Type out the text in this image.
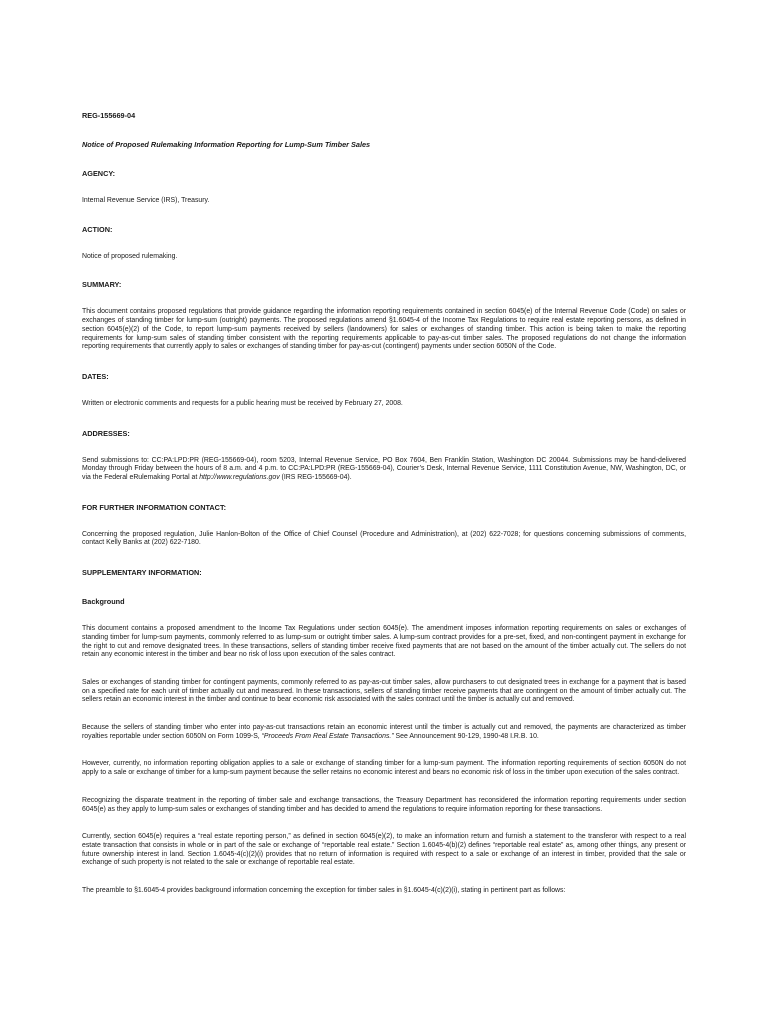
REG-155669-04

Notice of Proposed Rulemaking Information Reporting for Lump-Sum Timber Sales

AGENCY:

Internal Revenue Service (IRS), Treasury.

ACTION:

Notice of proposed rulemaking.

SUMMARY:

This document contains proposed regulations that provide guidance regarding the information reporting requirements contained in section 6045(e) of the Internal Revenue Code (Code) on sales or exchanges of standing timber for lump-sum (outright) payments. The proposed regulations amend §1.6045-4 of the Income Tax Regulations to require real estate reporting persons, as defined in section 6045(e)(2) of the Code, to report lump-sum payments received by sellers (landowners) for sales or exchanges of standing timber. This action is being taken to make the reporting requirements for lump-sum sales of standing timber consistent with the reporting requirements applicable to pay-as-cut timber sales. The proposed regulations do not change the information reporting requirements that currently apply to sales or exchanges of standing timber for pay-as-cut (contingent) payments under section 6050N of the Code.

DATES:

Written or electronic comments and requests for a public hearing must be received by February 27, 2008.

ADDRESSES:

Send submissions to: CC:PA:LPD:PR (REG-155669-04), room 5203, Internal Revenue Service, PO Box 7604, Ben Franklin Station, Washington DC 20044. Submissions may be hand-delivered Monday through Friday between the hours of 8 a.m. and 4 p.m. to CC:PA:LPD:PR (REG-155669-04), Courier’s Desk, Internal Revenue Service, 1111 Constitution Avenue, NW, Washington, DC, or via the Federal eRulemaking Portal at http://www.regulations.gov (IRS REG-155669-04).

FOR FURTHER INFORMATION CONTACT:

Concerning the proposed regulation, Julie Hanlon-Bolton of the Office of Chief Counsel (Procedure and Administration), at (202) 622-7028; for questions concerning submissions of comments, contact Kelly Banks at (202) 622-7180.

SUPPLEMENTARY INFORMATION:

Background

This document contains a proposed amendment to the Income Tax Regulations under section 6045(e). The amendment imposes information reporting requirements on sales or exchanges of standing timber for lump-sum payments, commonly referred to as lump-sum or outright timber sales. A lump-sum contract provides for a pre-set, fixed, and non-contingent payment in exchange for the right to cut and remove designated trees. In these transactions, sellers of standing timber receive fixed payments that are not based on the amount of the timber actually cut. The sellers do not retain any economic interest in the timber and bear no risk of loss upon execution of the sales contract.

Sales or exchanges of standing timber for contingent payments, commonly referred to as pay-as-cut timber sales, allow purchasers to cut designated trees in exchange for a payment that is based on a specified rate for each unit of timber actually cut and measured. In these transactions, sellers of standing timber receive payments that are contingent on the amount of timber actually cut. The sellers retain an economic interest in the timber and continue to bear economic risk associated with the sales contract until the timber is actually cut and removed.

Because the sellers of standing timber who enter into pay-as-cut transactions retain an economic interest until the timber is actually cut and removed, the payments are characterized as timber royalties reportable under section 6050N on Form 1099-S, “Proceeds From Real Estate Transactions.” See Announcement 90-129, 1990-48 I.R.B. 10.

However, currently, no information reporting obligation applies to a sale or exchange of standing timber for a lump-sum payment. The information reporting requirements of section 6050N do not apply to a sale or exchange of timber for a lump-sum payment because the seller retains no economic interest and bears no economic risk of loss in the timber upon execution of the sales contract.

Recognizing the disparate treatment in the reporting of timber sale and exchange transactions, the Treasury Department has reconsidered the information reporting requirements under section 6045(e) as they apply to lump-sum sales or exchanges of standing timber and has decided to amend the regulations to require information reporting for these transactions.

Currently, section 6045(e) requires a “real estate reporting person,” as defined in section 6045(e)(2), to make an information return and furnish a statement to the transferor with respect to a real estate transaction that consists in whole or in part of the sale or exchange of “reportable real estate.” Section 1.6045-4(b)(2) defines “reportable real estate” as, among other things, any present or future ownership interest in land. Section 1.6045-4(c)(2)(i) provides that no return of information is required with respect to a sale or exchange of an interest in timber, provided that the sale or exchange of such property is not related to the sale or exchange of reportable real estate.

The preamble to §1.6045-4 provides background information concerning the exception for timber sales in §1.6045-4(c)(2)(i), stating in pertinent part as follows:
